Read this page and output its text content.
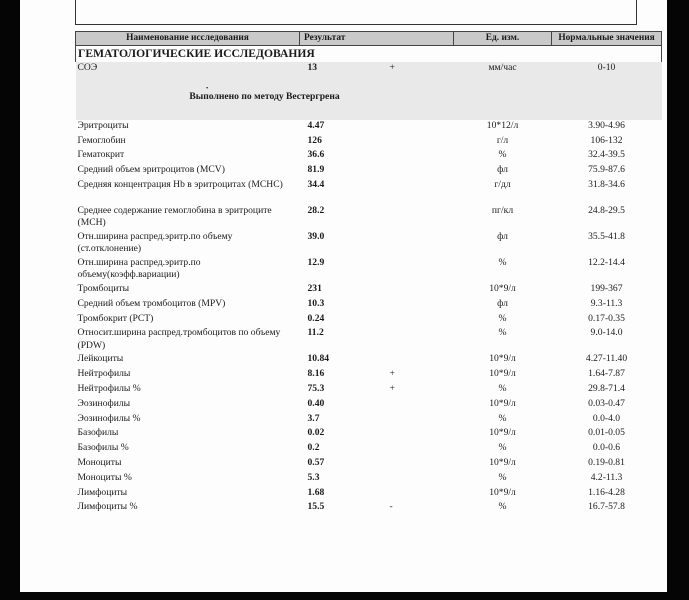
Наименование исследования	Результат		Ед. изм.	Нормальные значения
ГЕМАТОЛОГИЧЕСКИЕ ИССЛЕДОВАНИЯ				
СОЭ	13	+	мм/час	0-10

·
Выполнено по методу Вестергрена				
Эритроциты	4.47		10*12/л	3.90-4.96
Гемоглобин	126		г/л	106-132
Гематокрит	36.6		%	32.4-39.5
Средний объем эритроцитов (MCV)	81.9		фл	75.9-87.6
Средняя концентрация Hb в эритроцитах (MCHC)	34.4		г/дл	31.8-34.6
Среднее содержание гемоглобина в эритроците (MCH)	28.2		пг/кл	24.8-29.5
Отн.ширина распред.эритр.по объему (ст.отклонение)	39.0		фл	35.5-41.8
Отн.ширина распред.эритр.по объему(коэфф.вариации)	12.9		%	12.2-14.4
Тромбоциты	231		10*9/л	199-367
Средний объем тромбоцитов (MPV)	10.3		фл	9.3-11.3
Тромбокрит (PCT)	0.24		%	0.17-0.35
Относит.ширина распред.тромбоцитов по объему (PDW)	11.2		%	9.0-14.0
Лейкоциты	10.84		10*9/л	4.27-11.40
Нейтрофилы	8.16	+	10*9/л	1.64-7.87
Нейтрофилы %	75.3	+	%	29.8-71.4
Эозинофилы	0.40		10*9/л	0.03-0.47
Эозинофилы %	3.7		%	0.0-4.0
Базофилы	0.02		10*9/л	0.01-0.05
Базофилы %	0.2		%	0.0-0.6
Моноциты	0.57		10*9/л	0.19-0.81
Моноциты %	5.3		%	4.2-11.3
Лимфоциты	1.68		10*9/л	1.16-4.28
Лимфоциты %	15.5	-	%	16.7-57.8
